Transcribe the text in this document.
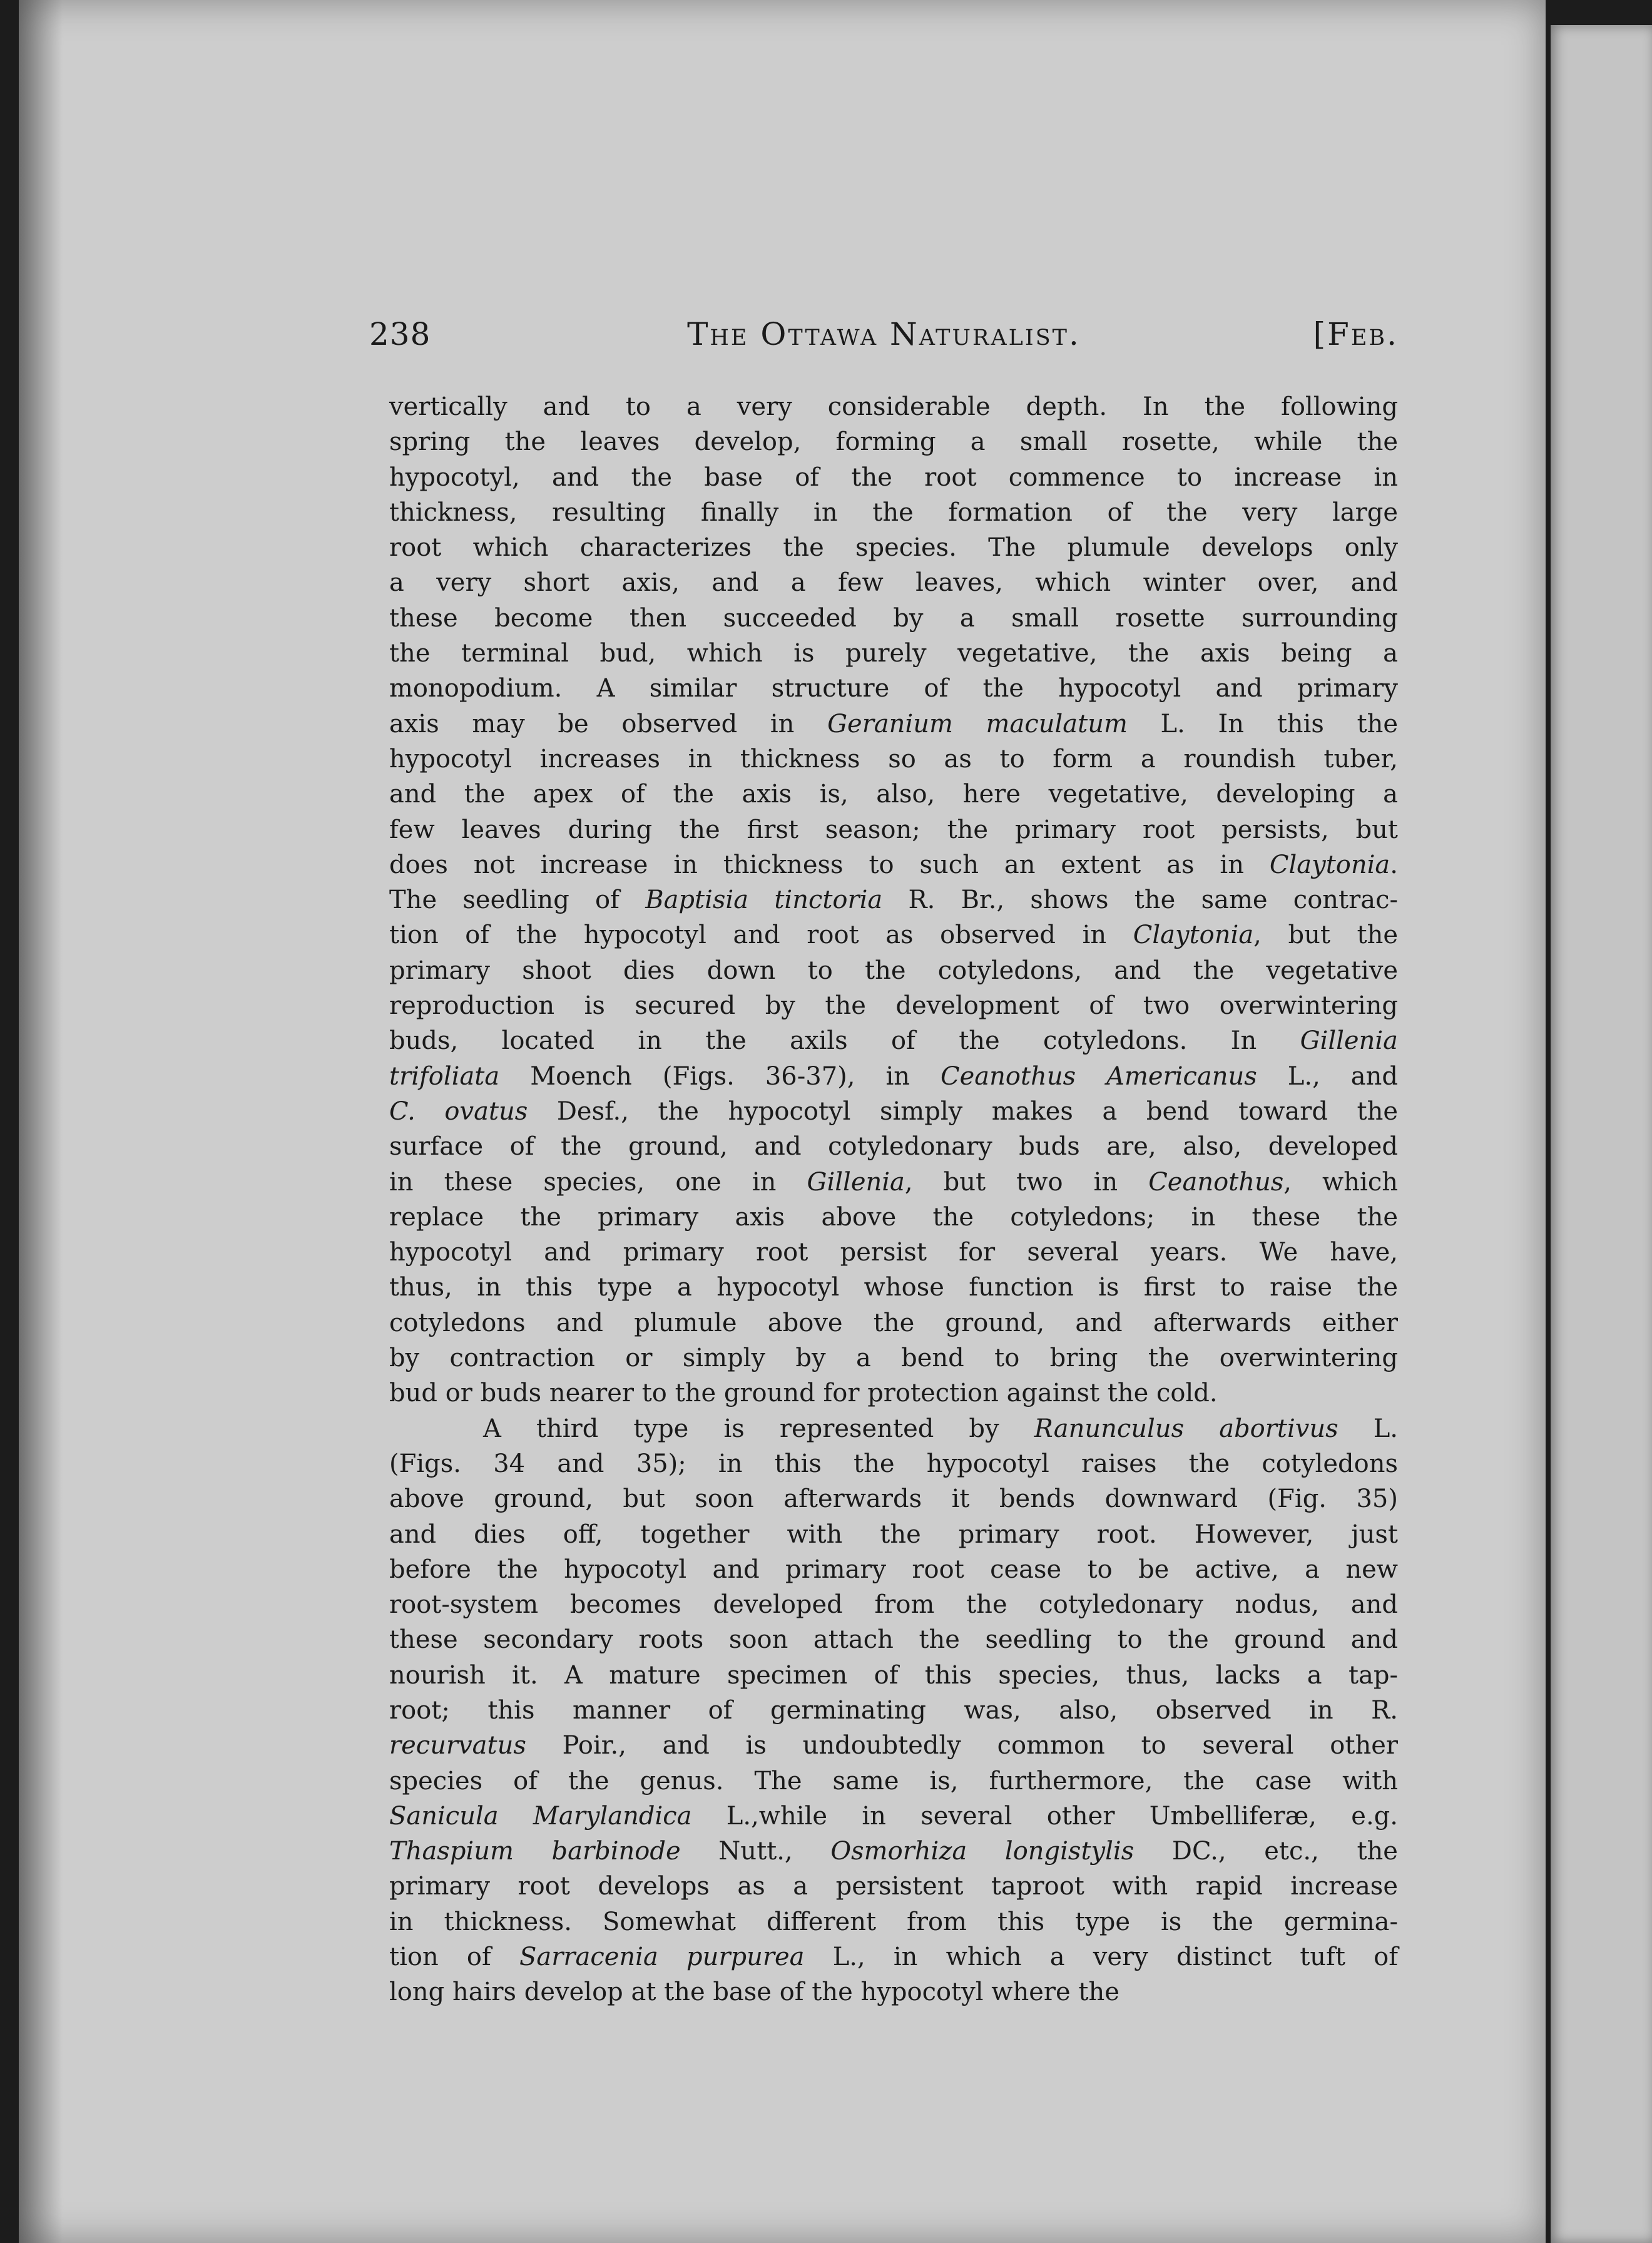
238	The Ottawa Naturalist.	[Feb.
vertically and to a very considerable depth. In the following
spring the leaves develop, forming a small rosette, while the
hypocotyl, and the base of the root commence to increase in
thickness, resulting finally in the formation of the very large
root which characterizes the species. The plumule develops only
a very short axis, and a few leaves, which winter over, and
these become then succeeded by a small rosette surrounding
the terminal bud, which is purely vegetative, the axis being a
monopodium. A similar structure of the hypocotyl and primary
axis may be observed in Geranium maculatum L. In this the
hypocotyl increases in thickness so as to form a roundish tuber,
and the apex of the axis is, also, here vegetative, developing a
few leaves during the first season; the primary root persists, but
does not increase in thickness to such an extent as in Claytonia.
The seedling of Baptisia tinctoria R. Br., shows the same contrac-
tion of the hypocotyl and root as observed in Claytonia, but the
primary shoot dies down to the cotyledons, and the vegetative
reproduction is secured by the development of two overwintering
buds, located in the axils of the cotyledons. In Gillenia
trifoliata Moench (Figs. 36-37), in Ceanothus Americanus L., and
C. ovatus Desf., the hypocotyl simply makes a bend toward the
surface of the ground, and cotyledonary buds are, also, developed
in these species, one in Gillenia, but two in Ceanothus, which
replace the primary axis above the cotyledons; in these the
hypocotyl and primary root persist for several years. We have,
thus, in this type a hypocotyl whose function is first to raise the
cotyledons and plumule above the ground, and afterwards either
by contraction or simply by a bend to bring the overwintering
bud or buds nearer to the ground for protection against the cold.
A third type is represented by Ranunculus abortivus L.
(Figs. 34 and 35); in this the hypocotyl raises the cotyledons
above ground, but soon afterwards it bends downward (Fig. 35)
and dies off, together with the primary root. However, just
before the hypocotyl and primary root cease to be active, a new
root-system becomes developed from the cotyledonary nodus, and
these secondary roots soon attach the seedling to the ground and
nourish it. A mature specimen of this species, thus, lacks a tap-
root; this manner of germinating was, also, observed in R.
recurvatus Poir., and is undoubtedly common to several other
species of the genus. The same is, furthermore, the case with
Sanicula Marylandica L.,while in several other Umbelliferæ, e.g.
Thaspium barbinode Nutt., Osmorhiza longistylis DC., etc., the
primary root develops as a persistent taproot with rapid increase
in thickness. Somewhat different from this type is the germina-
tion of Sarracenia purpurea L., in which a very distinct tuft of
long hairs develop at the base of the hypocotyl where the
